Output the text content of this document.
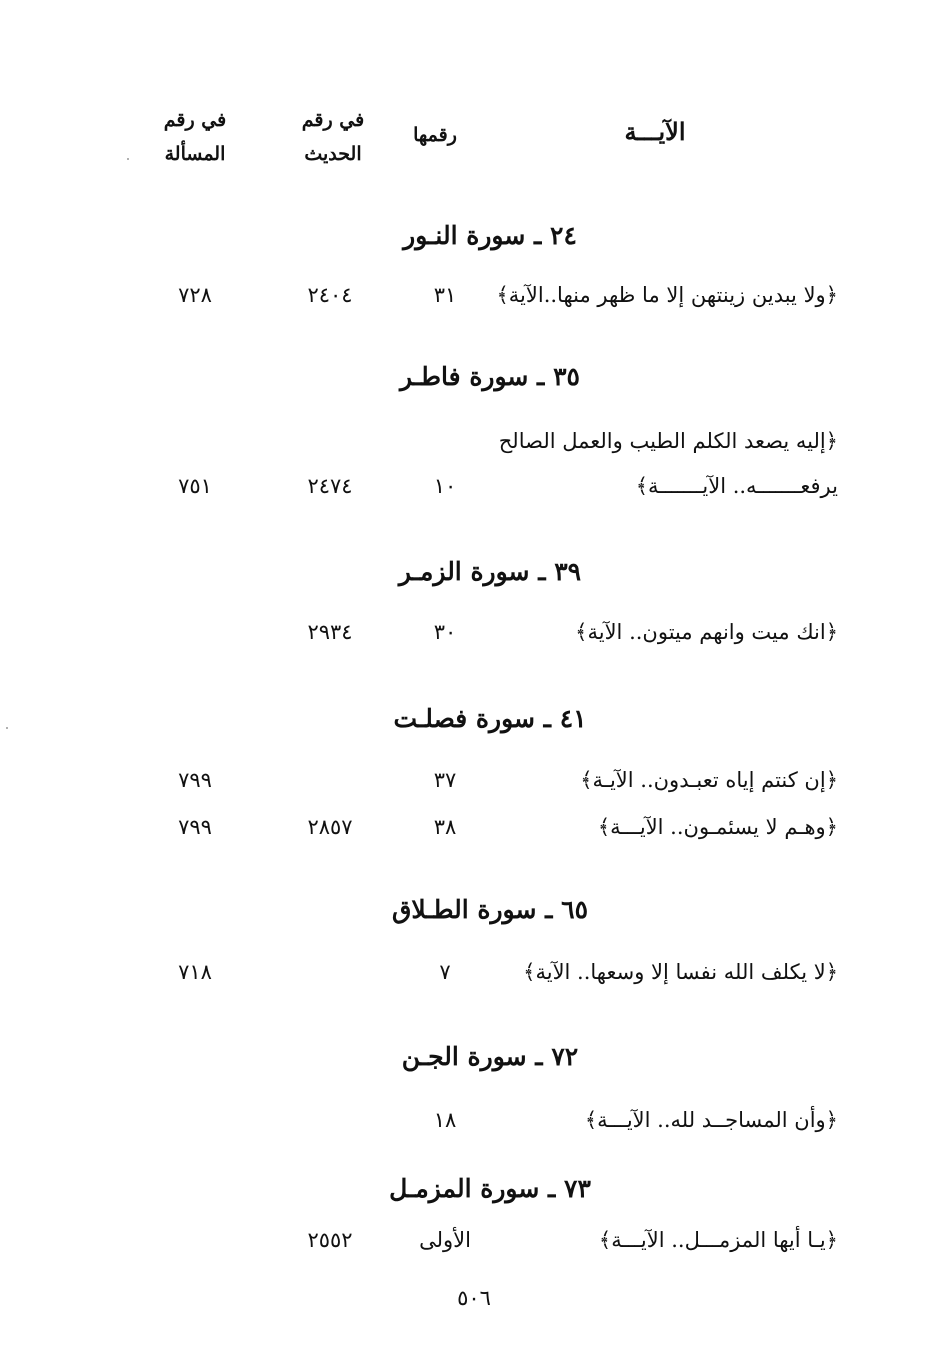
الآيـــة
رقمها
في رقم
الحديث
في رقم
المسألة
٢٤ ـ سورة النـور
﴿ولا يبدين زينتهن إلا ما ظهر منها..الآية﴾
٣١
٢٤٠٤
٧٢٨
٣٥ ـ سورة فاطـر
﴿إليه يصعد الكلم الطيب والعمل الصالح
يرفعـــــــه.. الآيـــــــة﴾
١٠
٢٤٧٤
٧٥١
٣٩ ـ سورة الزمـر
﴿انك ميت وانهم ميتون.. الآية﴾
٣٠
٢٩٣٤
٤١ ـ سورة فصلـت
﴿إن كنتم إياه تعبـدون.. الآيـة﴾
٣٧
٧٩٩
﴿وهـم لا يسئمـون.. الآيـــة﴾
٣٨
٢٨٥٧
٧٩٩
٦٥ ـ سورة الطـلاق
﴿لا يكلف الله نفسا إلا وسعها.. الآية﴾
٧
٧١٨
٧٢ ـ سورة الجـن
﴿وأن المساجــد لله.. الآيـــة﴾
١٨
٧٣ ـ سورة المزمـل
﴿يـا أيها المزمـــل.. الآيـــة﴾
الأولى
٢٥٥٢
٥٠٦
